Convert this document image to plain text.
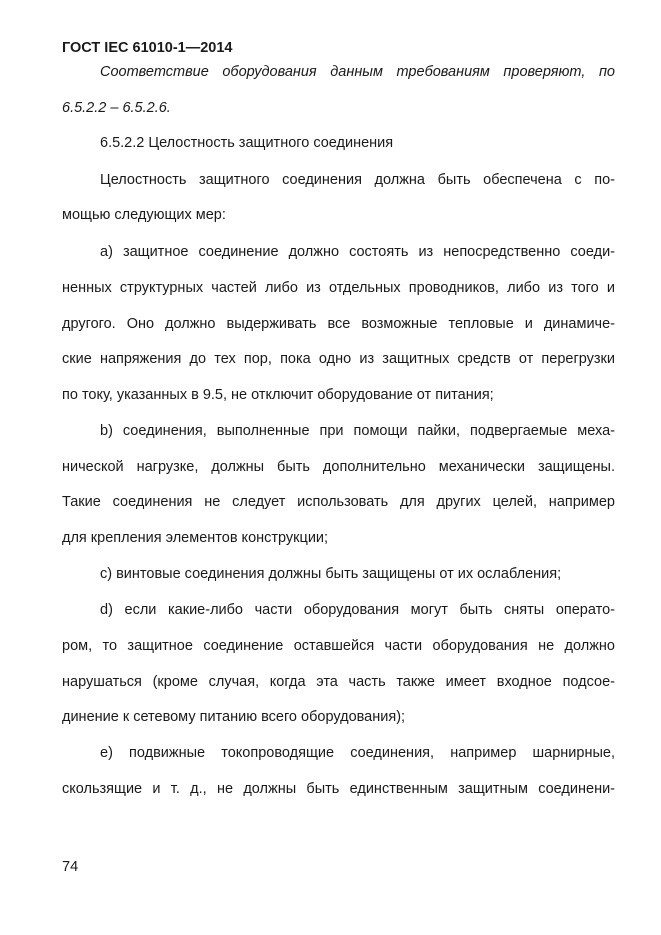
ГОСТ IEC 61010-1—2014
Соответствие оборудования данным требованиям проверяют, по
6.5.2.2 – 6.5.2.6.
6.5.2.2 Целостность защитного соединения
Целостность защитного соединения должна быть обеспечена с по-
мощью следующих мер:
a) защитное соединение должно состоять из непосредственно соеди-
ненных структурных частей либо из отдельных проводников, либо из того и
другого. Оно должно выдерживать все возможные тепловые и динамиче-
ские напряжения до тех пор, пока одно из защитных средств от перегрузки
по току, указанных в 9.5, не отключит оборудование от питания;
b) соединения, выполненные при помощи пайки, подвергаемые меха-
нической нагрузке, должны быть дополнительно механически защищены.
Такие соединения не следует использовать для других целей, например
для крепления элементов конструкции;
c) винтовые соединения должны быть защищены от их ослабления;
d) если какие-либо части оборудования могут быть сняты операто-
ром, то защитное соединение оставшейся части оборудования не должно
нарушаться (кроме случая, когда эта часть также имеет входное подсое-
динение к сетевому питанию всего оборудования);
e) подвижные токопроводящие соединения, например шарнирные,
скользящие и т. д., не должны быть единственным защитным соединени-
74
